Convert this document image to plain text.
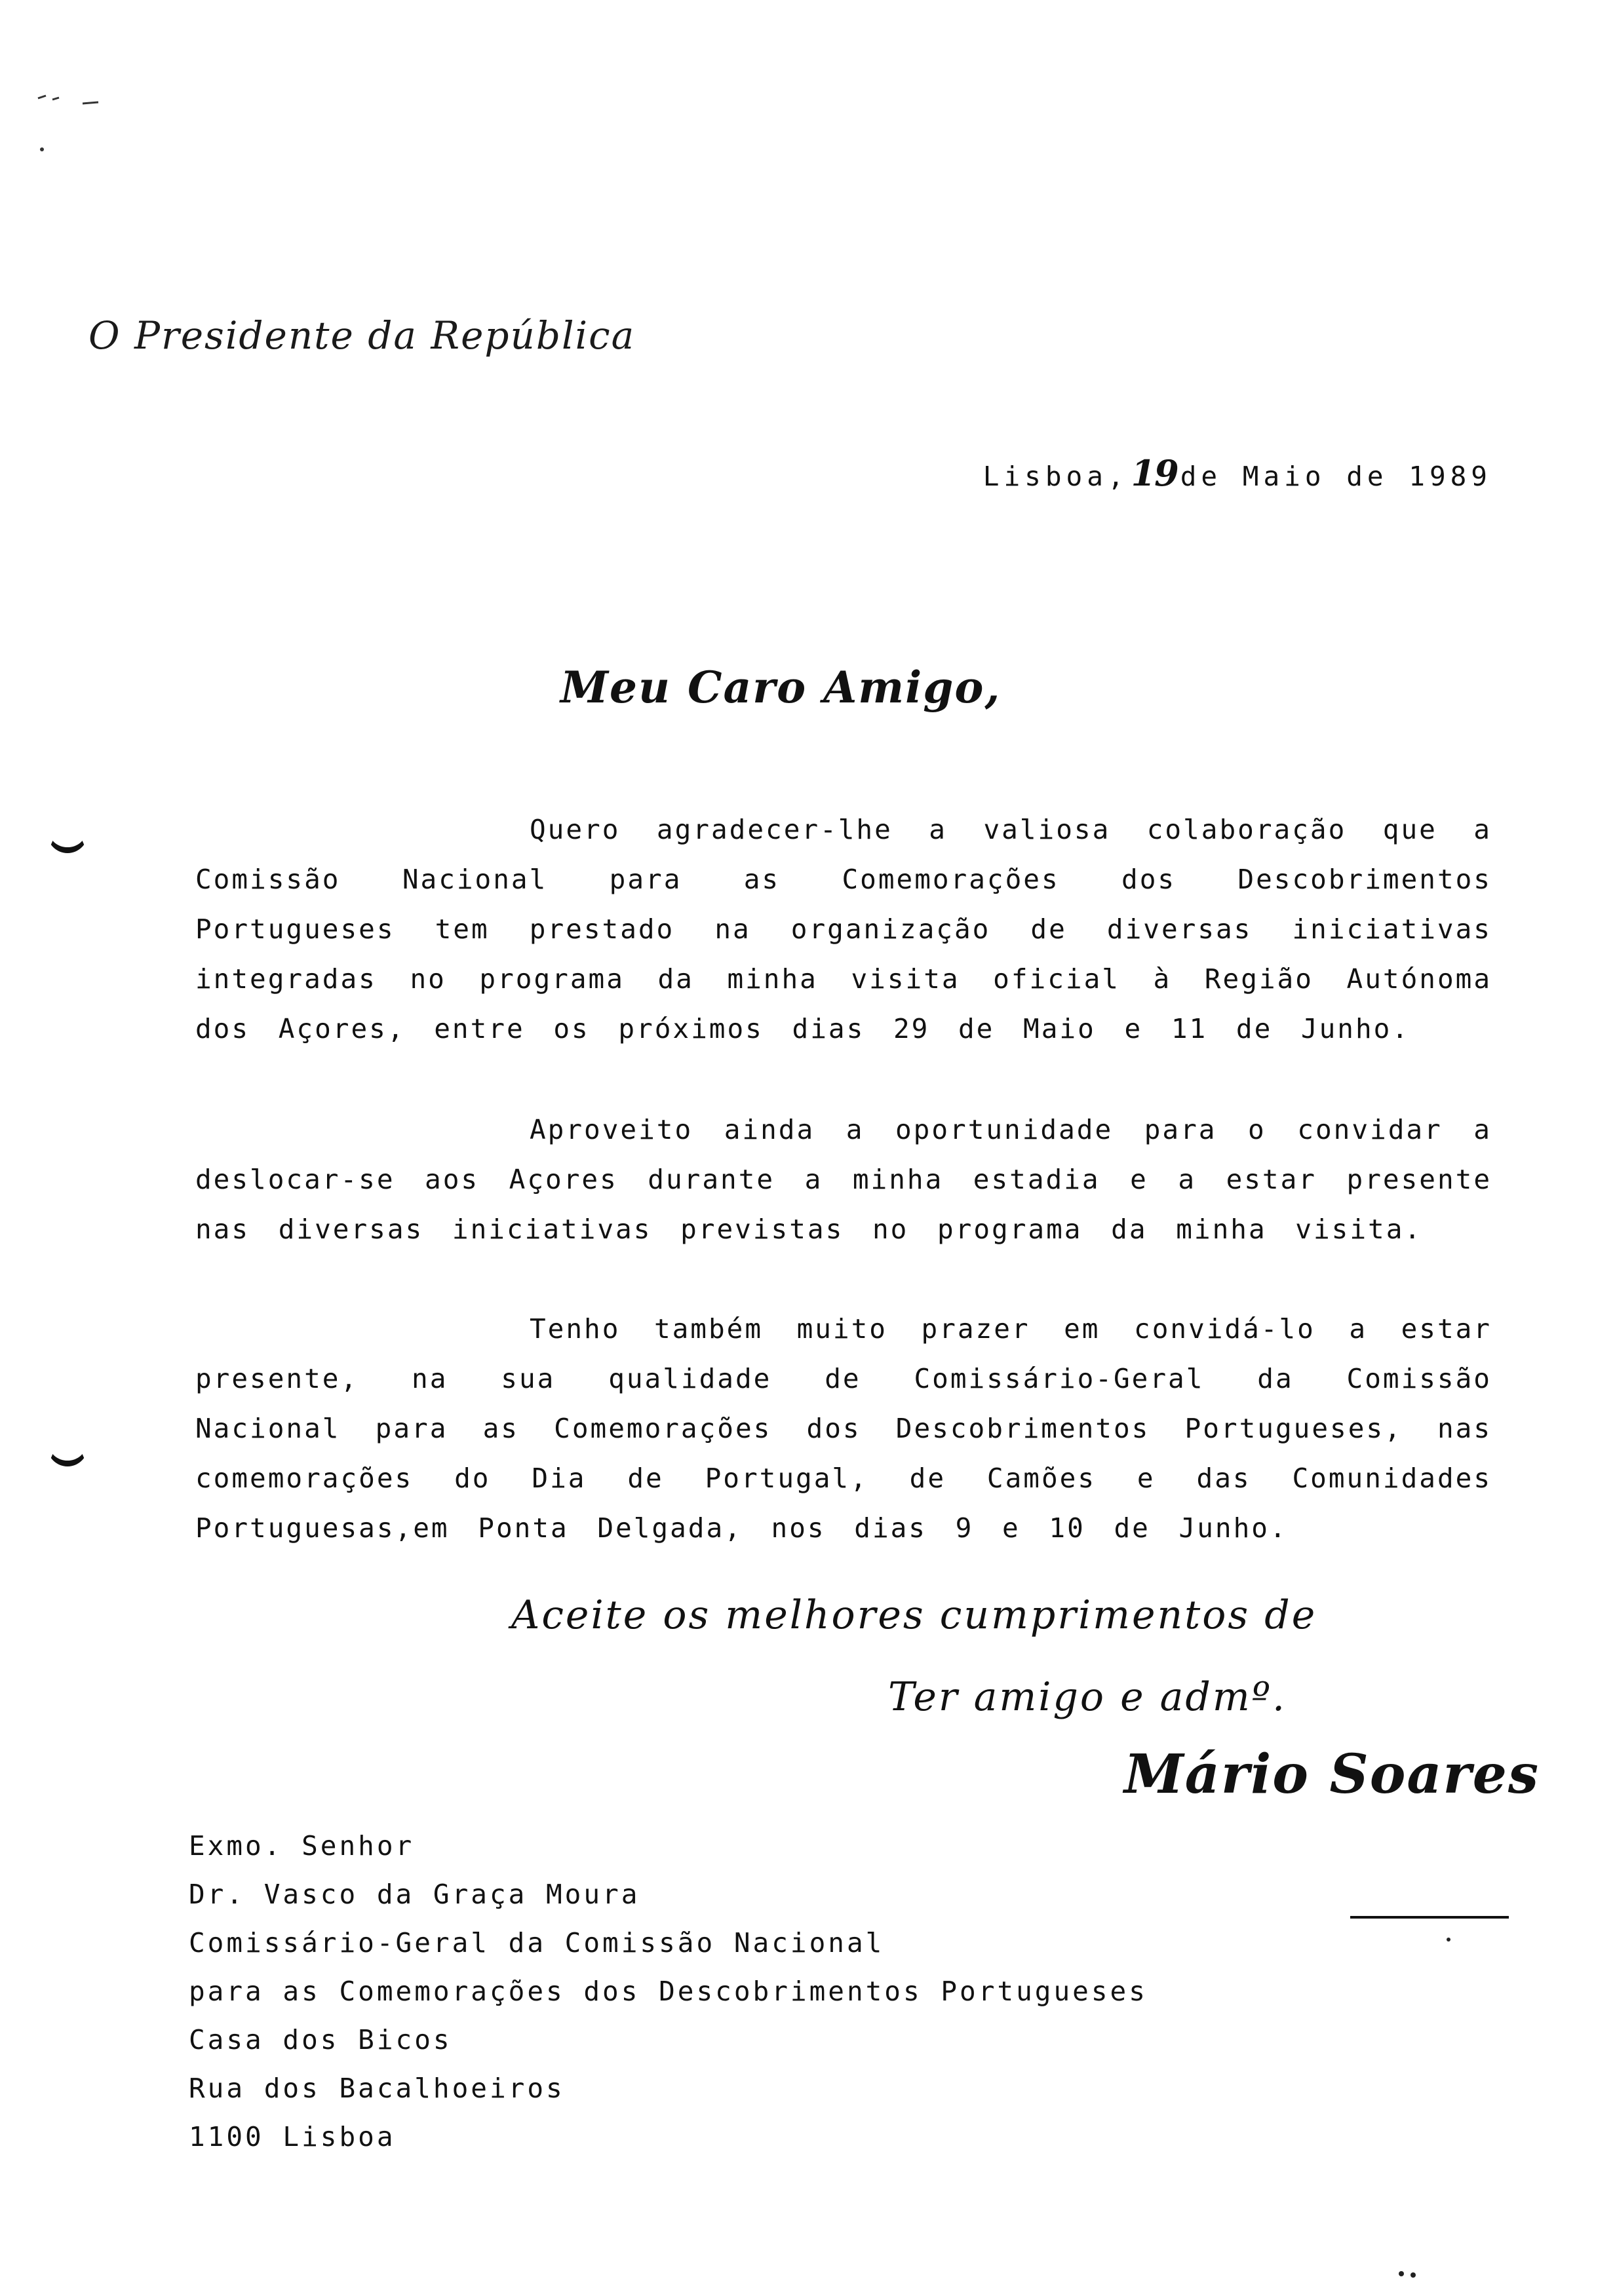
O Presidente da República
Lisboa,19de Maio de 1989
Meu Caro Amigo,

Quero agradecer-lhe a valiosa colaboração que a Comissão Nacional para as Comemorações dos Descobrimentos Portugueses tem prestado na organização de diversas iniciativas integradas no programa da minha visita oficial à Região Autónoma dos Açores, entre os próximos dias 29 de Maio e 11 de Junho.

Aproveito ainda a oportunidade para o convidar a deslocar-se aos Açores durante a minha estadia e a estar presente nas diversas iniciativas previstas no programa da minha visita.

Tenho também muito prazer em convidá-lo a estar presente, na sua qualidade de Comissário-Geral da Comissão Nacional para as Comemorações dos Descobrimentos Portugueses, nas comemorações do Dia de Portugal, de Camões e das Comunidades Portuguesas,em Ponta Delgada, nos dias 9 e 10 de Junho.

Aceite os melhores cumprimentos de
Ter amigo e admº.
Mário Soares
Exmo. Senhor
Dr. Vasco da Graça Moura
Comissário-Geral da Comissão Nacional
para as Comemorações dos Descobrimentos Portugueses
Casa dos Bicos
Rua dos Bacalhoeiros
1100 Lisboa
